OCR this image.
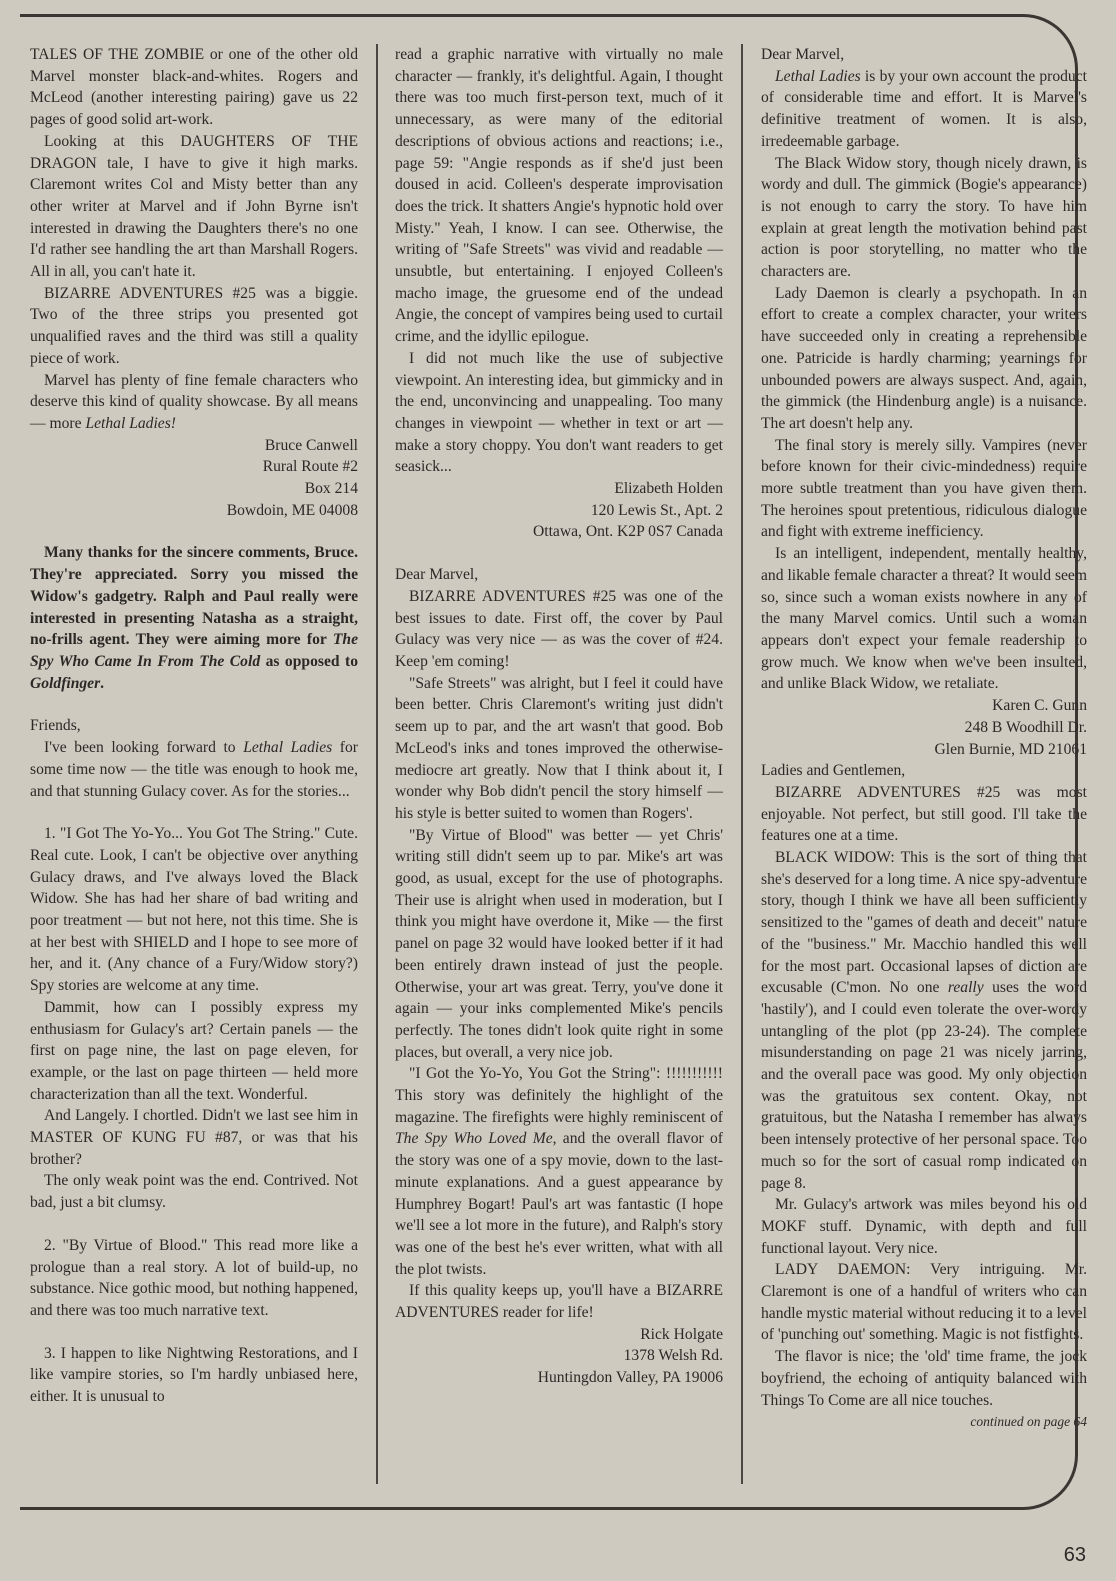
TALES OF THE ZOMBIE or one of the other old Marvel monster black-and-whites. Rogers and McLeod (another interesting pairing) gave us 22 pages of good solid art-work.

Looking at this DAUGHTERS OF THE DRAGON tale, I have to give it high marks. Claremont writes Col and Misty better than any other writer at Marvel and if John Byrne isn't interested in drawing the Daughters there's no one I'd rather see handling the art than Marshall Rogers. All in all, you can't hate it.

BIZARRE ADVENTURES #25 was a biggie. Two of the three strips you presented got unqualified raves and the third was still a quality piece of work.

Marvel has plenty of fine female characters who deserve this kind of quality showcase. By all means — more Lethal Ladies!

Bruce Canwell

Rural Route #2

Box 214

Bowdoin, ME 04008

Many thanks for the sincere comments, Bruce. They're appreciated. Sorry you missed the Widow's gadgetry. Ralph and Paul really were interested in presenting Natasha as a straight, no-frills agent. They were aiming more for The Spy Who Came In From The Cold as opposed to Goldfinger.

Friends,

I've been looking forward to Lethal Ladies for some time now — the title was enough to hook me, and that stunning Gulacy cover. As for the stories...

1. "I Got The Yo-Yo... You Got The String." Cute. Real cute. Look, I can't be objective over anything Gulacy draws, and I've always loved the Black Widow. She has had her share of bad writing and poor treatment — but not here, not this time. She is at her best with SHIELD and I hope to see more of her, and it. (Any chance of a Fury/Widow story?) Spy stories are welcome at any time.

Dammit, how can I possibly express my enthusiasm for Gulacy's art? Certain panels — the first on page nine, the last on page eleven, for example, or the last on page thirteen — held more characterization than all the text. Wonderful.

And Langely. I chortled. Didn't we last see him in MASTER OF KUNG FU #87, or was that his brother?

The only weak point was the end. Contrived. Not bad, just a bit clumsy.

2. "By Virtue of Blood." This read more like a prologue than a real story. A lot of build-up, no substance. Nice gothic mood, but nothing happened, and there was too much narrative text.

3. I happen to like Nightwing Restorations, and I like vampire stories, so I'm hardly unbiased here, either. It is unusual to

read a graphic narrative with virtually no male character — frankly, it's delightful. Again, I thought there was too much first-person text, much of it unnecessary, as were many of the editorial descriptions of obvious actions and reactions; i.e., page 59: "Angie responds as if she'd just been doused in acid. Colleen's desperate improvisation does the trick. It shatters Angie's hypnotic hold over Misty." Yeah, I know. I can see. Otherwise, the writing of "Safe Streets" was vivid and readable — unsubtle, but entertaining. I enjoyed Colleen's macho image, the gruesome end of the undead Angie, the concept of vampires being used to curtail crime, and the idyllic epilogue.

I did not much like the use of subjective viewpoint. An interesting idea, but gimmicky and in the end, unconvincing and unappealing. Too many changes in viewpoint — whether in text or art — make a story choppy. You don't want readers to get seasick...

Elizabeth Holden

120 Lewis St., Apt. 2

Ottawa, Ont. K2P 0S7 Canada

Dear Marvel,

BIZARRE ADVENTURES #25 was one of the best issues to date. First off, the cover by Paul Gulacy was very nice — as was the cover of #24. Keep 'em coming!

"Safe Streets" was alright, but I feel it could have been better. Chris Claremont's writing just didn't seem up to par, and the art wasn't that good. Bob McLeod's inks and tones improved the otherwise-mediocre art greatly. Now that I think about it, I wonder why Bob didn't pencil the story himself — his style is better suited to women than Rogers'.

"By Virtue of Blood" was better — yet Chris' writing still didn't seem up to par. Mike's art was good, as usual, except for the use of photographs. Their use is alright when used in moderation, but I think you might have overdone it, Mike — the first panel on page 32 would have looked better if it had been entirely drawn instead of just the people. Otherwise, your art was great. Terry, you've done it again — your inks complemented Mike's pencils perfectly. The tones didn't look quite right in some places, but overall, a very nice job.

"I Got the Yo-Yo, You Got the String": !!!!!!!!!!! This story was definitely the highlight of the magazine. The firefights were highly reminiscent of The Spy Who Loved Me, and the overall flavor of the story was one of a spy movie, down to the last-minute explanations. And a guest appearance by Humphrey Bogart! Paul's art was fantastic (I hope we'll see a lot more in the future), and Ralph's story was one of the best he's ever written, what with all the plot twists.

If this quality keeps up, you'll have a BIZARRE ADVENTURES reader for life!

Rick Holgate

1378 Welsh Rd.

Huntingdon Valley, PA 19006

Dear Marvel,

Lethal Ladies is by your own account the product of considerable time and effort. It is Marvel's definitive treatment of women. It is also, irredeemable garbage.

The Black Widow story, though nicely drawn, is wordy and dull. The gimmick (Bogie's appearance) is not enough to carry the story. To have him explain at great length the motivation behind past action is poor storytelling, no matter who the characters are.

Lady Daemon is clearly a psychopath. In an effort to create a complex character, your writers have succeeded only in creating a reprehensible one. Patricide is hardly charming; yearnings for unbounded powers are always suspect. And, again, the gimmick (the Hindenburg angle) is a nuisance. The art doesn't help any.

The final story is merely silly. Vampires (never before known for their civic-mindedness) require more subtle treatment than you have given them. The heroines spout pretentious, ridiculous dialogue and fight with extreme inefficiency.

Is an intelligent, independent, mentally healthy, and likable female character a threat? It would seem so, since such a woman exists nowhere in any of the many Marvel comics. Until such a woman appears don't expect your female readership to grow much. We know when we've been insulted, and unlike Black Widow, we retaliate.

Karen C. Gunn

248 B Woodhill Dr.

Glen Burnie, MD 21061

Ladies and Gentlemen,

BIZARRE ADVENTURES #25 was most enjoyable. Not perfect, but still good. I'll take the features one at a time.

BLACK WIDOW: This is the sort of thing that she's deserved for a long time. A nice spy-adventure story, though I think we have all been sufficiently sensitized to the "games of death and deceit" nature of the "business." Mr. Macchio handled this well for the most part. Occasional lapses of diction are excusable (C'mon. No one really uses the word 'hastily'), and I could even tolerate the over-wordy untangling of the plot (pp 23-24). The complete misunderstanding on page 21 was nicely jarring, and the overall pace was good. My only objection was the gratuitous sex content. Okay, not gratuitous, but the Natasha I remember has always been intensely protective of her personal space. Too much so for the sort of casual romp indicated on page 8.

Mr. Gulacy's artwork was miles beyond his old MOKF stuff. Dynamic, with depth and full functional layout. Very nice.

LADY DAEMON: Very intriguing. Mr. Claremont is one of a handful of writers who can handle mystic material without reducing it to a level of 'punching out' something. Magic is not fistfights.

The flavor is nice; the 'old' time frame, the jock boyfriend, the echoing of antiquity balanced with Things To Come are all nice touches.
continued on page 64

63
